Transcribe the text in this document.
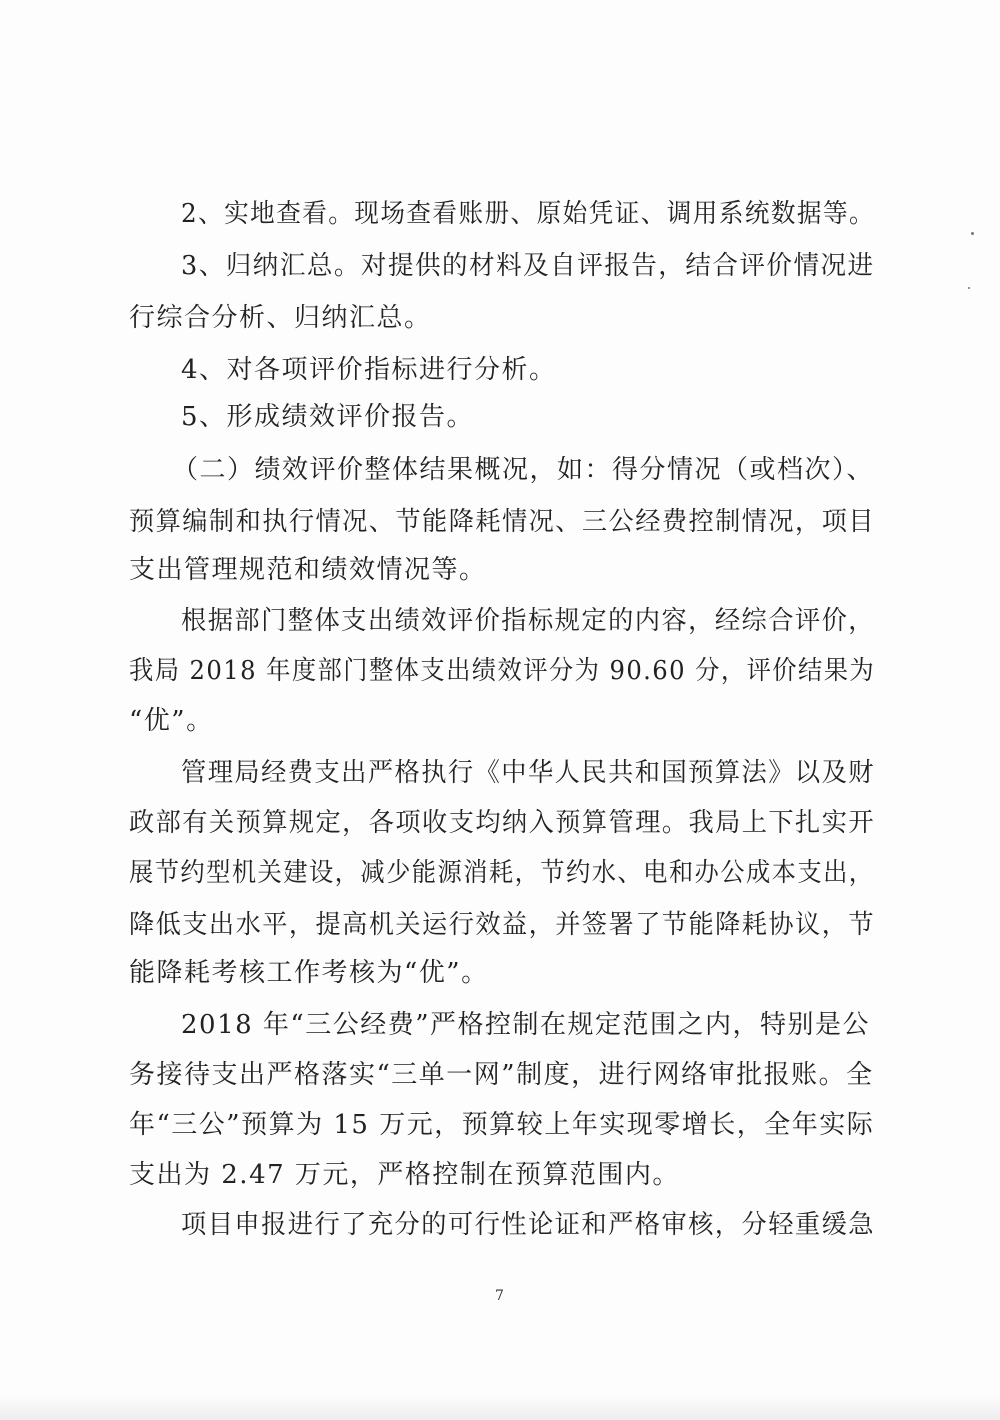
2、实地查看。现场查看账册、原始凭证、调用系统数据等。
3、归纳汇总。对提供的材料及自评报告，结合评价情况进
行综合分析、归纳汇总。
4、对各项评价指标进行分析。
5、形成绩效评价报告。
（二）绩效评价整体结果概况，如：得分情况（或档次）、
预算编制和执行情况、节能降耗情况、三公经费控制情况，项目
支出管理规范和绩效情况等。
根据部门整体支出绩效评价指标规定的内容，经综合评价，
我局 2018 年度部门整体支出绩效评分为 90.60 分，评价结果为
“优”。
管理局经费支出严格执行《中华人民共和国预算法》以及财
政部有关预算规定，各项收支均纳入预算管理。我局上下扎实开
展节约型机关建设，减少能源消耗，节约水、电和办公成本支出，
降低支出水平，提高机关运行效益，并签署了节能降耗协议，节
能降耗考核工作考核为“优”。
2018 年“三公经费”严格控制在规定范围之内，特别是公
务接待支出严格落实“三单一网”制度，进行网络审批报账。全
年“三公”预算为 15 万元，预算较上年实现零增长，全年实际
支出为 2.47 万元，严格控制在预算范围内。
项目申报进行了充分的可行性论证和严格审核，分轻重缓急
7
